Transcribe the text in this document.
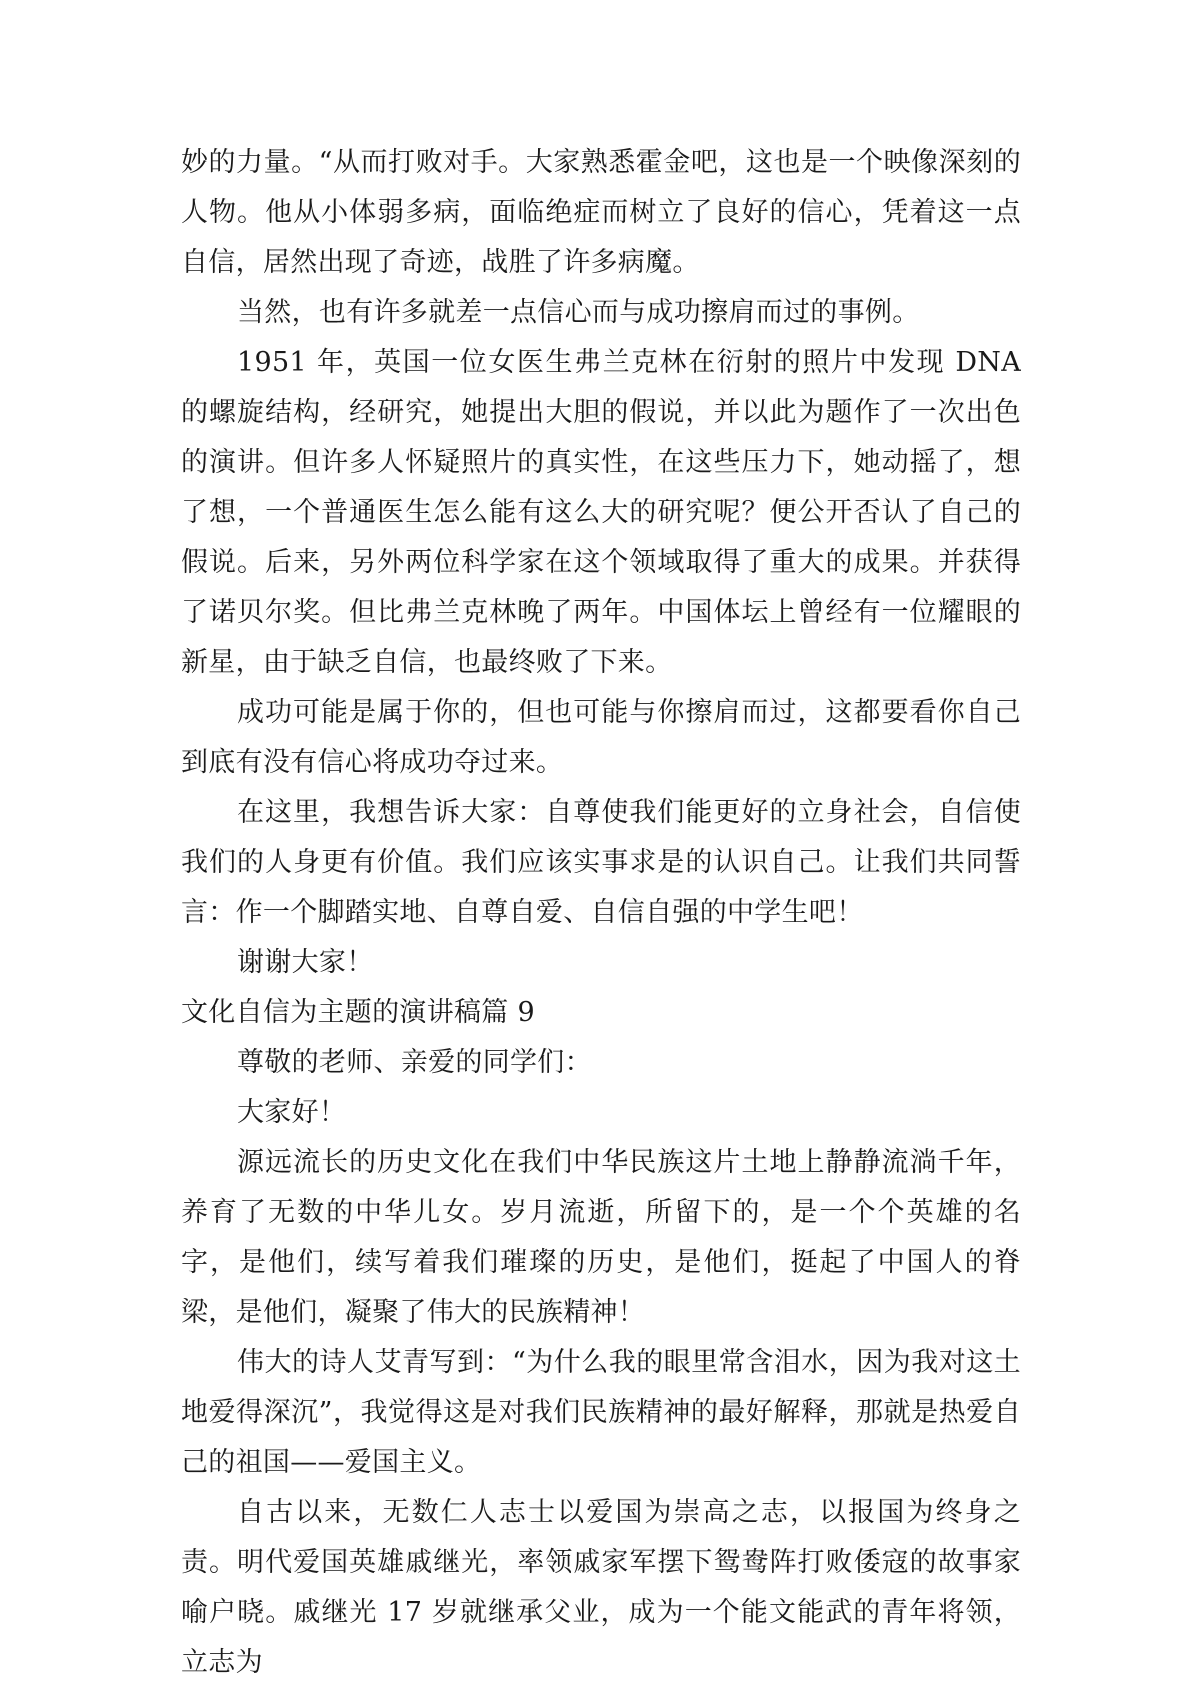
妙的力量。“从而打败对手。大家熟悉霍金吧，这也是一个映像深刻的人物。他从小体弱多病，面临绝症而树立了良好的信心，凭着这一点自信，居然出现了奇迹，战胜了许多病魔。

当然，也有许多就差一点信心而与成功擦肩而过的事例。

1951 年，英国一位女医生弗兰克林在衍射的照片中发现 DNA 的螺旋结构，经研究，她提出大胆的假说，并以此为题作了一次出色的演讲。但许多人怀疑照片的真实性，在这些压力下，她动摇了，想了想，一个普通医生怎么能有这么大的研究呢？便公开否认了自己的假说。后来，另外两位科学家在这个领域取得了重大的成果。并获得了诺贝尔奖。但比弗兰克林晚了两年。中国体坛上曾经有一位耀眼的新星，由于缺乏自信，也最终败了下来。

成功可能是属于你的，但也可能与你擦肩而过，这都要看你自己到底有没有信心将成功夺过来。

在这里，我想告诉大家：自尊使我们能更好的立身社会，自信使我们的人身更有价值。我们应该实事求是的认识自己。让我们共同誓言：作一个脚踏实地、自尊自爱、自信自强的中学生吧！

谢谢大家！

文化自信为主题的演讲稿篇 9

尊敬的老师、亲爱的同学们：

大家好！

源远流长的历史文化在我们中华民族这片土地上静静流淌千年，养育了无数的中华儿女。岁月流逝，所留下的，是一个个英雄的名字，是他们，续写着我们璀璨的历史，是他们，挺起了中国人的脊梁，是他们，凝聚了伟大的民族精神！

伟大的诗人艾青写到：“为什么我的眼里常含泪水，因为我对这土地爱得深沉”，我觉得这是对我们民族精神的最好解释，那就是热爱自己的祖国——爱国主义。

自古以来，无数仁人志士以爱国为崇高之志，以报国为终身之责。明代爱国英雄戚继光，率领戚家军摆下鸳鸯阵打败倭寇的故事家喻户晓。戚继光 17 岁就继承父业，成为一个能文能武的青年将领，立志为
